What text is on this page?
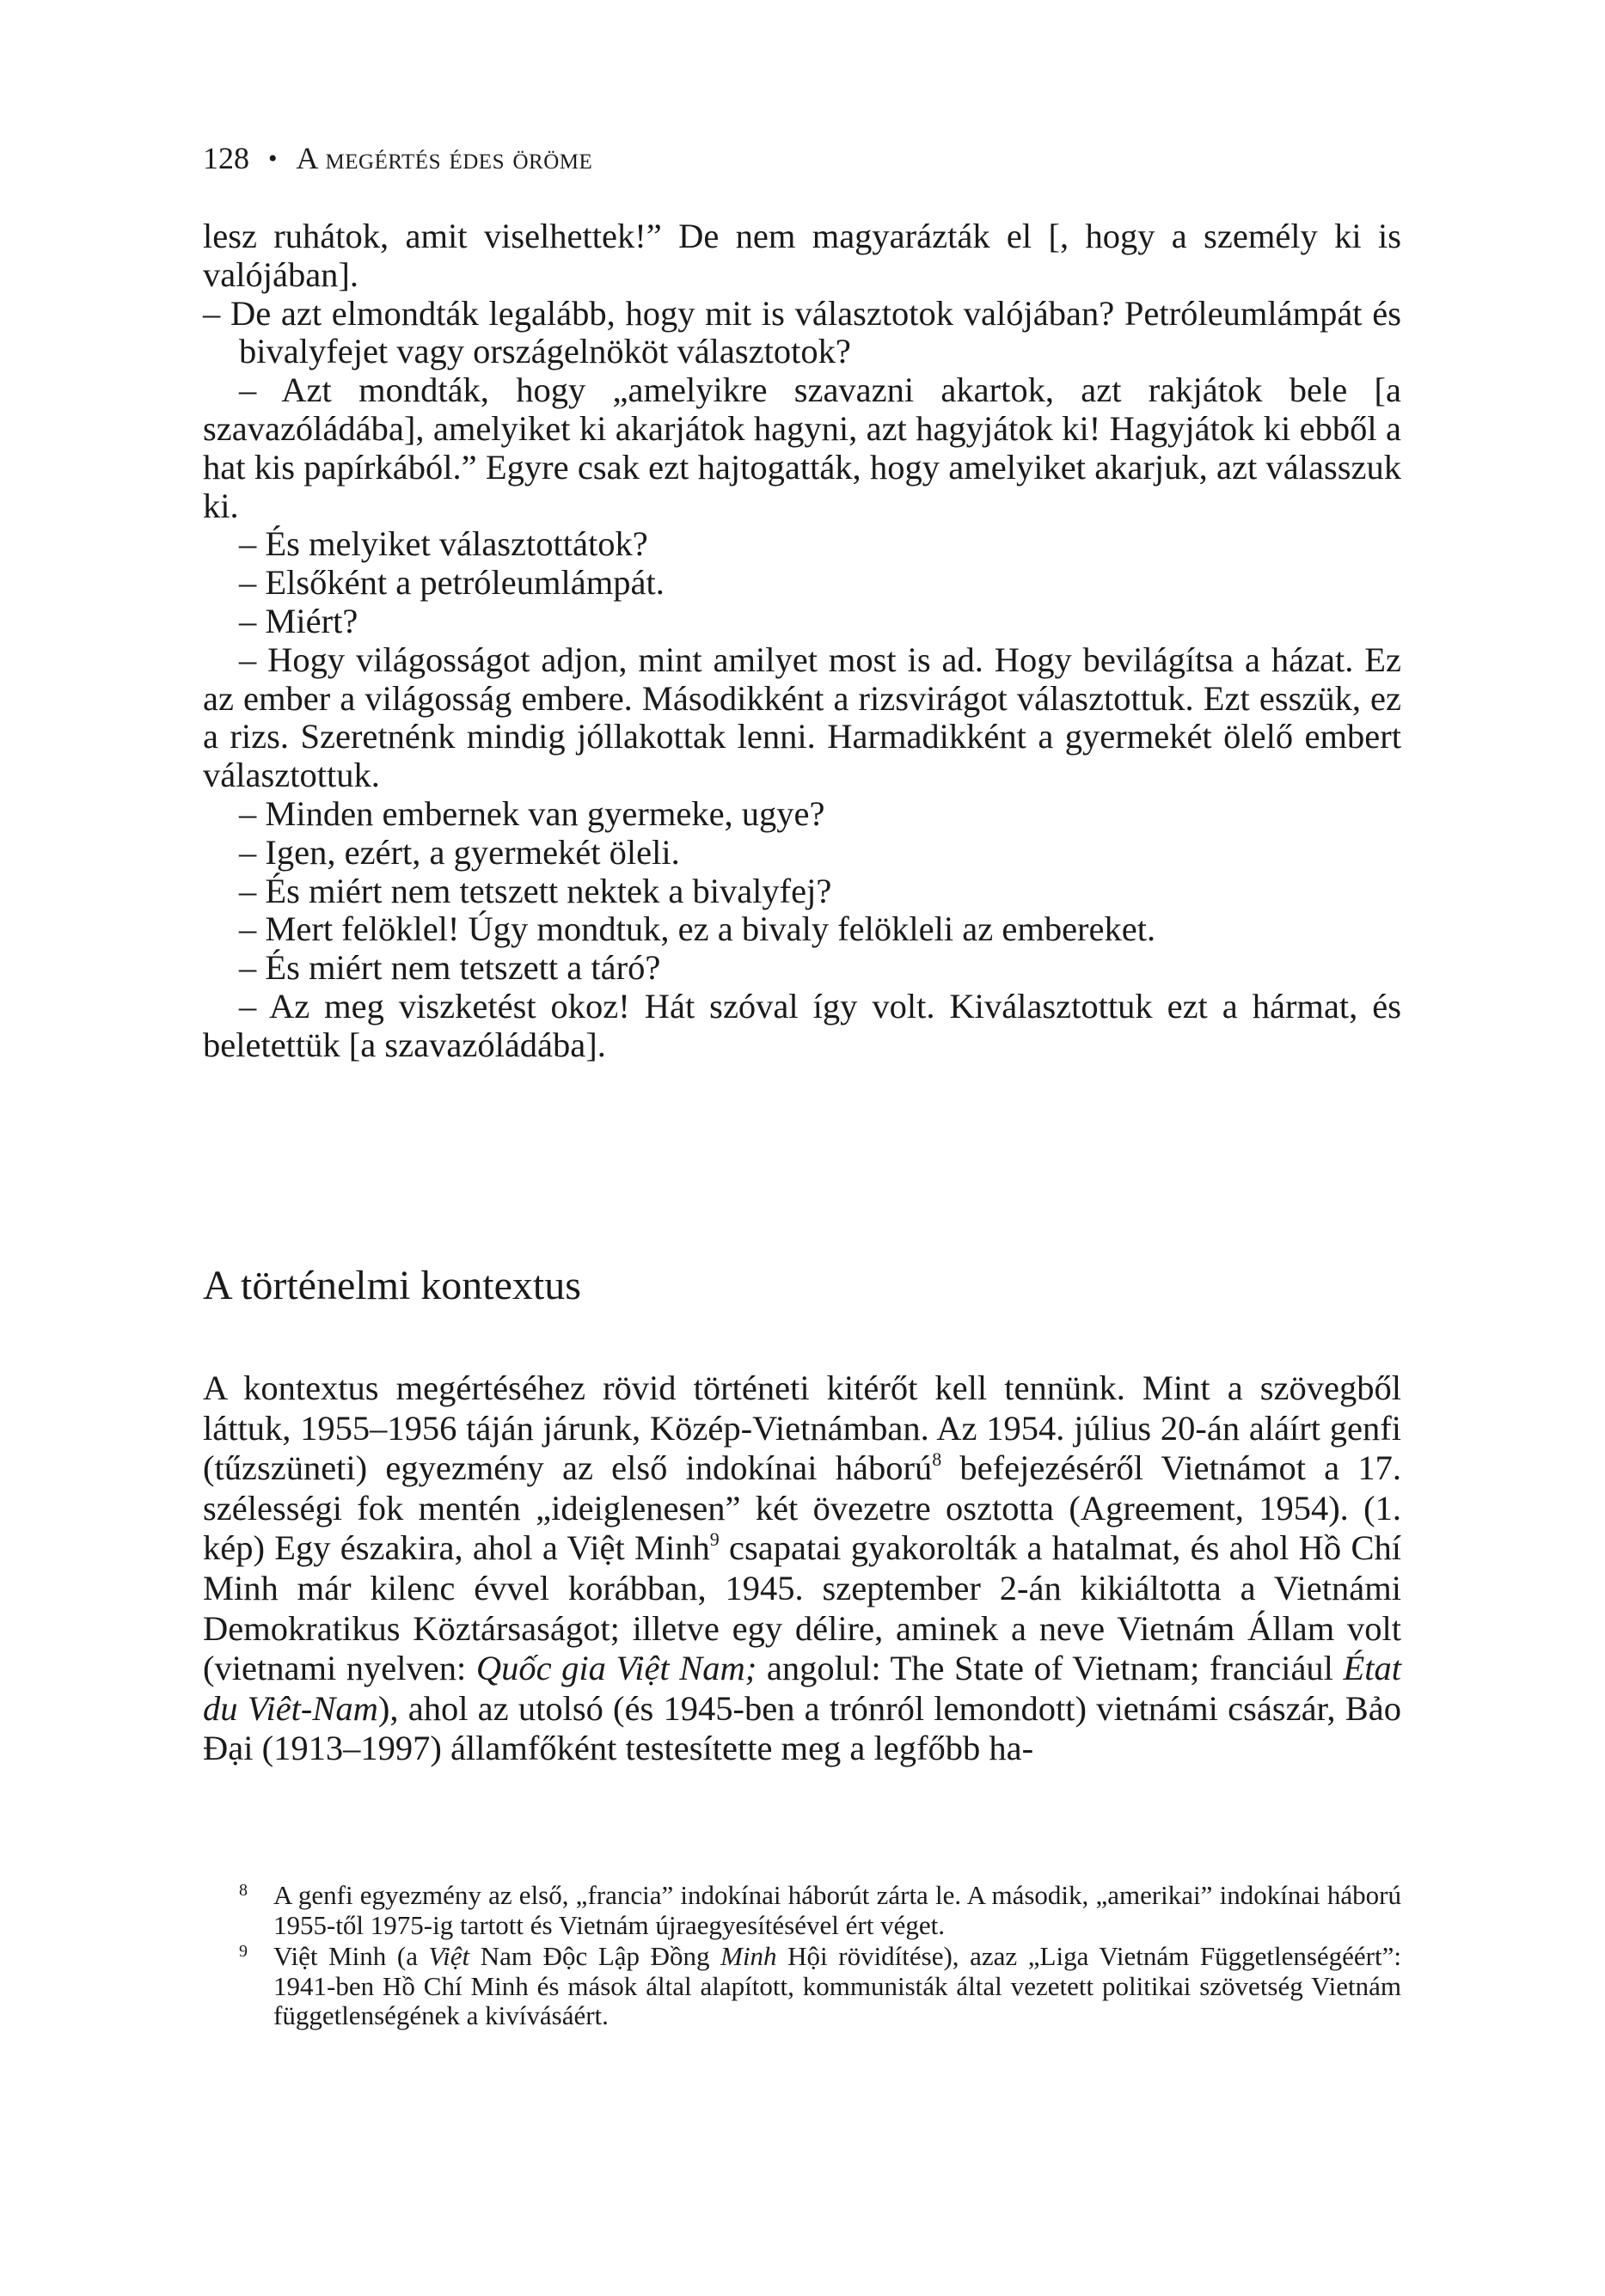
128 • A megértés édes öröme

lesz ruhátok, amit viselhettek!” De nem magyarázták el [, hogy a személy ki is valójában].

– De azt elmondták legalább, hogy mit is választotok valójában? Petróleumlámpát és bivalyfejet vagy országelnököt választotok?

– Azt mondták, hogy „amelyikre szavazni akartok, azt rakjátok bele [a szavazóládába], amelyiket ki akarjátok hagyni, azt hagyjátok ki! Hagyjátok ki ebből a hat kis papírkából.” Egyre csak ezt hajtogatták, hogy amelyiket akarjuk, azt válasszuk ki.

– És melyiket választottátok?

– Elsőként a petróleumlámpát.

– Miért?

– Hogy világosságot adjon, mint amilyet most is ad. Hogy bevilágítsa a házat. Ez az ember a világosság embere. Másodikként a rizsvirágot választottuk. Ezt esszük, ez a rizs. Szeretnénk mindig jóllakottak lenni. Harmadikként a gyermekét ölelő embert választottuk.

– Minden embernek van gyermeke, ugye?

– Igen, ezért, a gyermekét öleli.

– És miért nem tetszett nektek a bivalyfej?

– Mert felöklel! Úgy mondtuk, ez a bivaly felökleli az embereket.

– És miért nem tetszett a táró?

– Az meg viszketést okoz! Hát szóval így volt. Kiválasztottuk ezt a hármat, és beletettük [a szavazóládába].

A történelmi kontextus

A kontextus megértéséhez rövid történeti kitérőt kell tennünk. Mint a szövegből láttuk, 1955–1956 táján járunk, Közép-Vietnámban. Az 1954. július 20-án aláírt genfi (tűzszüneti) egyezmény az első indokínai háború$^8$ befejezéséről Vietnámot a 17. szélességi fok mentén „ideiglenesen” két övezetre osztotta (Agreement, 1954). (1. kép) Egy északira, ahol a Việt Minh$^9$ csapatai gyakorolták a hatalmat, és ahol Hồ Chí Minh már kilenc évvel korábban, 1945. szeptember 2-án kikiáltotta a Vietnámi Demokratikus Köztársaságot; illetve egy délire, aminek a neve Vietnám Állam volt (vietnami nyelven: Quốc gia Việt Nam; angolul: The State of Vietnam; franciául État du Viêt-Nam), ahol az utolsó (és 1945-ben a trónról lemondott) vietnámi császár, Bảo Đại (1913–1997) államfőként testesítette meg a legfőbb ha-

8 A genfi egyezmény az első, „francia” indokínai háborút zárta le. A második, „amerikai” indokínai háború 1955-től 1975-ig tartott és Vietnám újraegyesítésével ért véget.

9 Việt Minh (a Việt Nam Độc Lập Đồng Minh Hội rövidítése), azaz „Liga Vietnám Függetlenségéért”: 1941-ben Hồ Chí Minh és mások által alapított, kommunisták által vezetett politikai szövetség Vietnám függetlenségének a kivívásáért.
